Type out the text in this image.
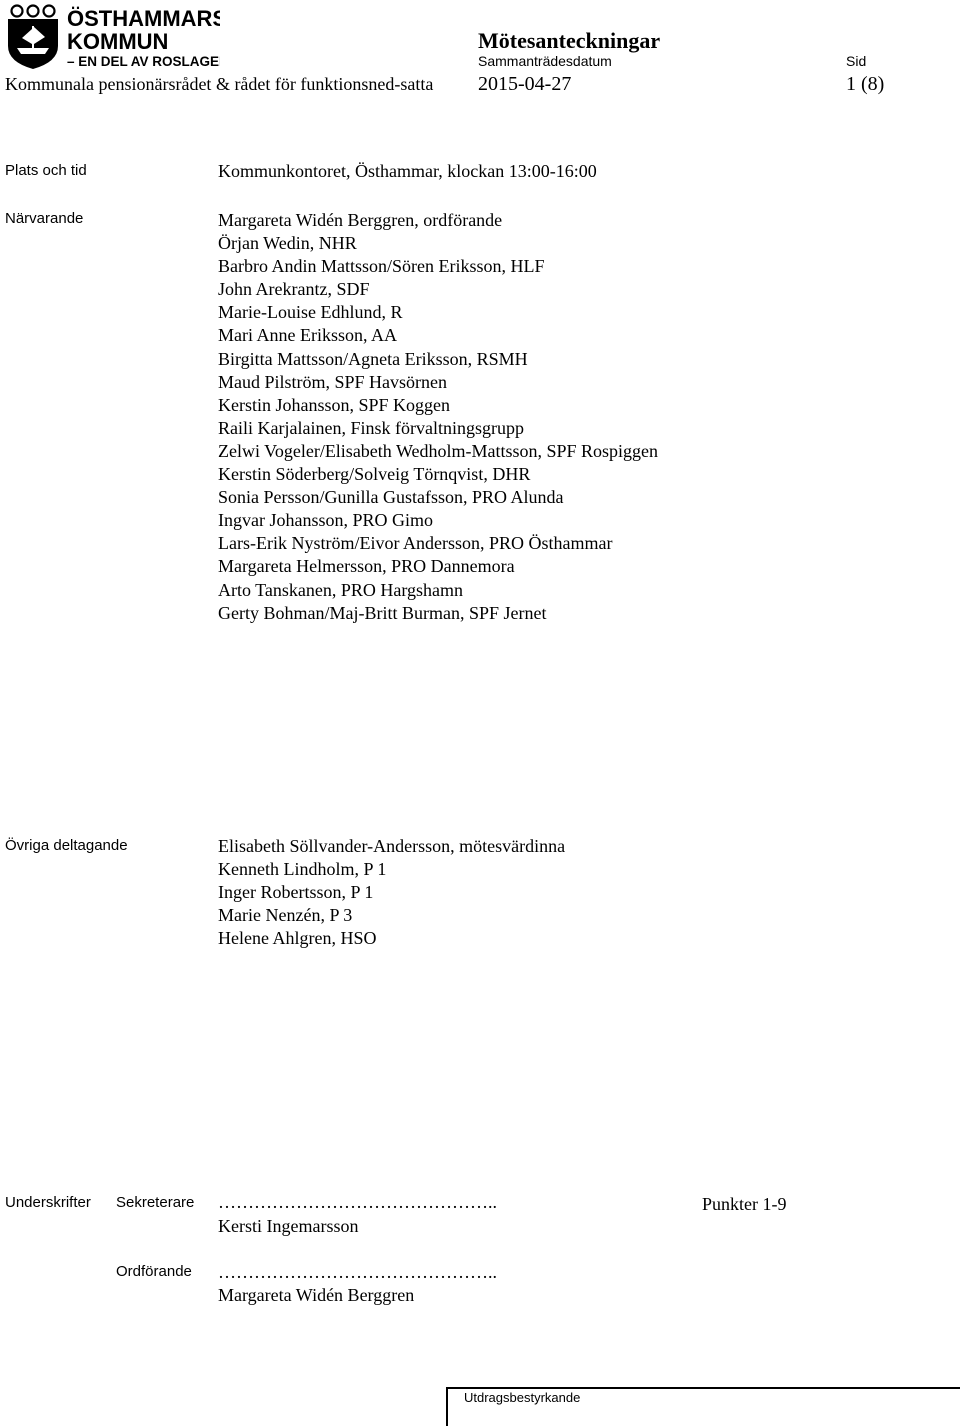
ÖSTHAMMARS
KOMMUN
– EN DEL AV ROSLAGEN
Kommunala pensionärsrådet & rådet för funktionsned-satta
Mötesanteckningar
Sammanträdesdatum
2015-04-27
Sid
1 (8)
Plats och tid	Kommunkontoret, Östhammar, klockan 13:00-16:00
Närvarande	Margareta Widén Berggren, ordförande
Örjan Wedin, NHR
Barbro Andin Mattsson/Sören Eriksson, HLF
John Arekrantz, SDF
Marie-Louise Edhlund, R
Mari Anne Eriksson, AA
Birgitta Mattsson/Agneta Eriksson, RSMH
Maud Pilström, SPF Havsörnen
Kerstin Johansson, SPF Koggen
Raili Karjalainen, Finsk förvaltningsgrupp
Zelwi Vogeler/Elisabeth Wedholm-Mattsson, SPF Rospiggen
Kerstin Söderberg/Solveig Törnqvist, DHR
Sonia Persson/Gunilla Gustafsson, PRO Alunda
Ingvar Johansson, PRO Gimo
Lars-Erik Nyström/Eivor Andersson, PRO Östhammar
Margareta Helmersson, PRO Dannemora
Arto Tanskanen, PRO Hargshamn
Gerty Bohman/Maj-Britt Burman, SPF Jernet
Övriga deltagande	Elisabeth Söllvander-Andersson, mötesvärdinna
Kenneth Lindholm, P 1
Inger Robertsson, P 1
Marie Nenzén, P 3
Helene Ahlgren, HSO
Underskrifter Sekreterare ………………………………………..	Punkter 1-9
Kersti Ingemarsson
Ordförande ………………………………………..
Margareta Widén Berggren
Utdragsbestyrkande
